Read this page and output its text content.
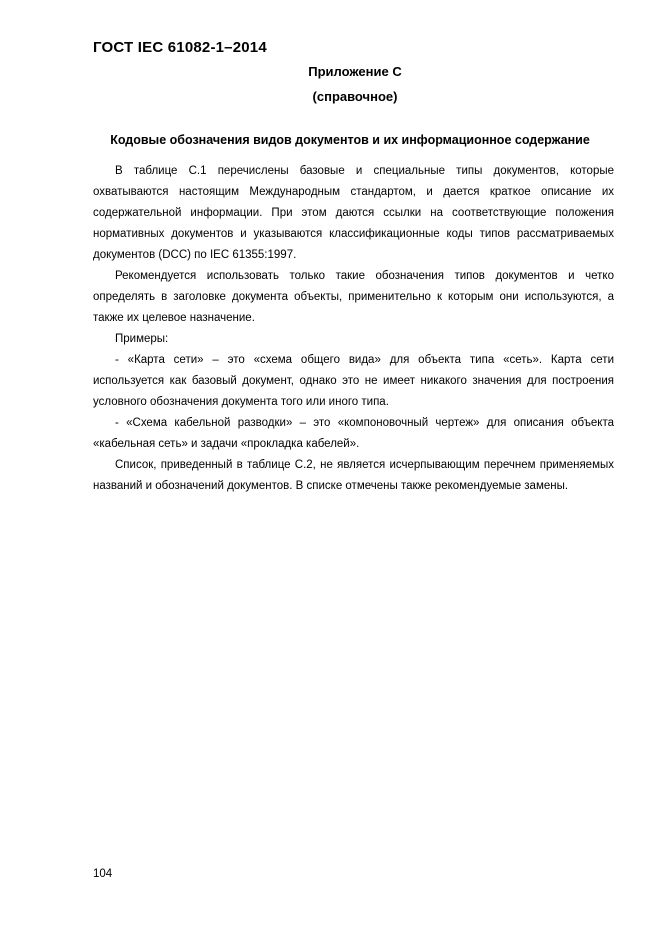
ГОСТ IEC 61082-1–2014
Приложение С
(справочное)
Кодовые обозначения видов документов и их информационное содержание

В таблице С.1 перечислены базовые и специальные типы документов, которые охватываются настоящим Международным стандартом, и дается краткое описание их содержательной информации. При этом даются ссылки на соответствующие положения нормативных документов и указываются классификационные коды типов рассматриваемых документов (DCC) по IEC 61355:1997.

Рекомендуется использовать только такие обозначения типов документов и четко определять в заголовке документа объекты, применительно к которым они используются, а также их целевое назначение.

Примеры:

- «Карта сети» – это «схема общего вида» для объекта типа «сеть». Карта сети используется как базовый документ, однако это не имеет никакого значения для построения условного обозначения документа того или иного типа.

- «Схема кабельной разводки» – это «компоновочный чертеж» для описания объекта «кабельная сеть» и задачи «прокладка кабелей».

Список, приведенный в таблице С.2, не является исчерпывающим перечнем применяемых названий и обозначений документов. В списке отмечены также рекомендуемые замены.

104
